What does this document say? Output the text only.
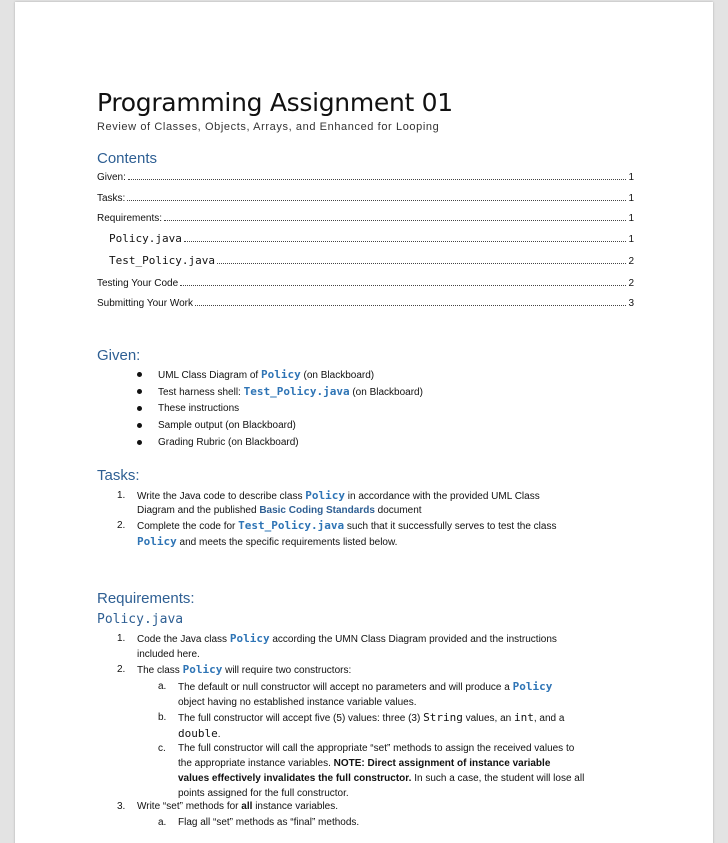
Programming Assignment 01
Review of Classes, Objects, Arrays, and Enhanced for Looping
Contents
Given:	1
Tasks:	1
Requirements:	1
Policy.java	1
Test_Policy.java	2
Testing Your Code	2
Submitting Your Work	3
Given:
UML Class Diagram of Policy (on Blackboard)
Test harness shell: Test_Policy.java (on Blackboard)
These instructions
Sample output (on Blackboard)
Grading Rubric (on Blackboard)
Tasks:
1. Write the Java code to describe class Policy in accordance with the provided UML Class
Diagram and the published Basic Coding Standards document
2. Complete the code for Test_Policy.java such that it successfully serves to test the class
Policy and meets the specific requirements listed below.
Requirements:
Policy.java
1. Code the Java class Policy according the UMN Class Diagram provided and the instructions
included here.
2. The class Policy will require two constructors:
a. The default or null constructor will accept no parameters and will produce a Policy
object having no established instance variable values.
b. The full constructor will accept five (5) values: three (3) String values, an int, and a
double.
c. The full constructor will call the appropriate “set” methods to assign the received values to
the appropriate instance variables. NOTE: Direct assignment of instance variable
values effectively invalidates the full constructor. In such a case, the student will lose all
points assigned for the full constructor.
3. Write “set” methods for all instance variables.
a. Flag all “set” methods as “final” methods.
